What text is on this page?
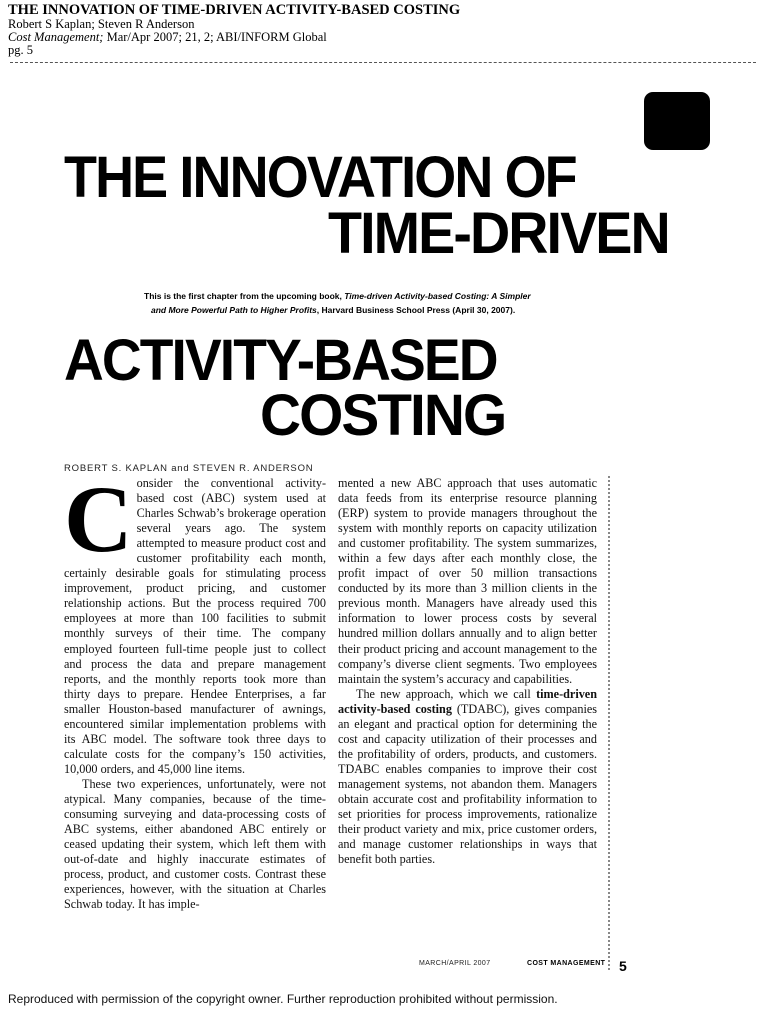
THE INNOVATION OF TIME-DRIVEN ACTIVITY-BASED COSTING
Robert S Kaplan; Steven R Anderson
Cost Management; Mar/Apr 2007; 21, 2; ABI/INFORM Global
pg. 5
THE INNOVATION OF
TIME-DRIVEN
This is the first chapter from the upcoming book, Time-driven Activity-based Costing: A Simpler
and More Powerful Path to Higher Profits, Harvard Business School Press (April 30, 2007).
ACTIVITY-BASED
COSTING
ROBERT S. KAPLAN and STEVEN R. ANDERSON

Consider the conventional activity-based cost (ABC) system used at Charles Schwab’s brokerage operation several years ago. The system attempted to measure product cost and customer profitability each month, certainly desirable goals for stimulating process improvement, product pricing, and customer relationship actions. But the process required 700 employees at more than 100 facilities to submit monthly surveys of their time. The company employed fourteen full-time people just to collect and process the data and prepare management reports, and the monthly reports took more than thirty days to prepare. Hendee Enterprises, a far smaller Houston-based manufacturer of awnings, encountered similar implementation problems with its ABC model. The software took three days to calculate costs for the company’s 150 activities, 10,000 orders, and 45,000 line items.

These two experiences, unfortunately, were not atypical. Many companies, because of the time-consuming surveying and data-processing costs of ABC systems, either abandoned ABC entirely or ceased updating their system, which left them with out-of-date and highly inaccurate estimates of process, product, and customer costs. Contrast these experiences, however, with the situation at Charles Schwab today. It has imple-

mented a new ABC approach that uses automatic data feeds from its enterprise resource planning (ERP) system to provide managers throughout the system with monthly reports on capacity utilization and customer profitability. The system summarizes, within a few days after each monthly close, the profit impact of over 50 million transactions conducted by its more than 3 million clients in the previous month. Managers have already used this information to lower process costs by several hundred million dollars annually and to align better their product pricing and account management to the company’s diverse client segments. Two employees maintain the system’s accuracy and capabilities.

The new approach, which we call time-driven activity-based costing (TDABC), gives companies an elegant and practical option for determining the cost and capacity utilization of their processes and the profitability of orders, products, and customers. TDABC enables companies to improve their cost management systems, not abandon them. Managers obtain accurate cost and profitability information to set priorities for process improvements, rationalize their product variety and mix, price customer orders, and manage customer relationships in ways that benefit both parties.

MARCH/APRIL 2007	COST MANAGEMENT 5
Reproduced with permission of the copyright owner. Further reproduction prohibited without permission.
